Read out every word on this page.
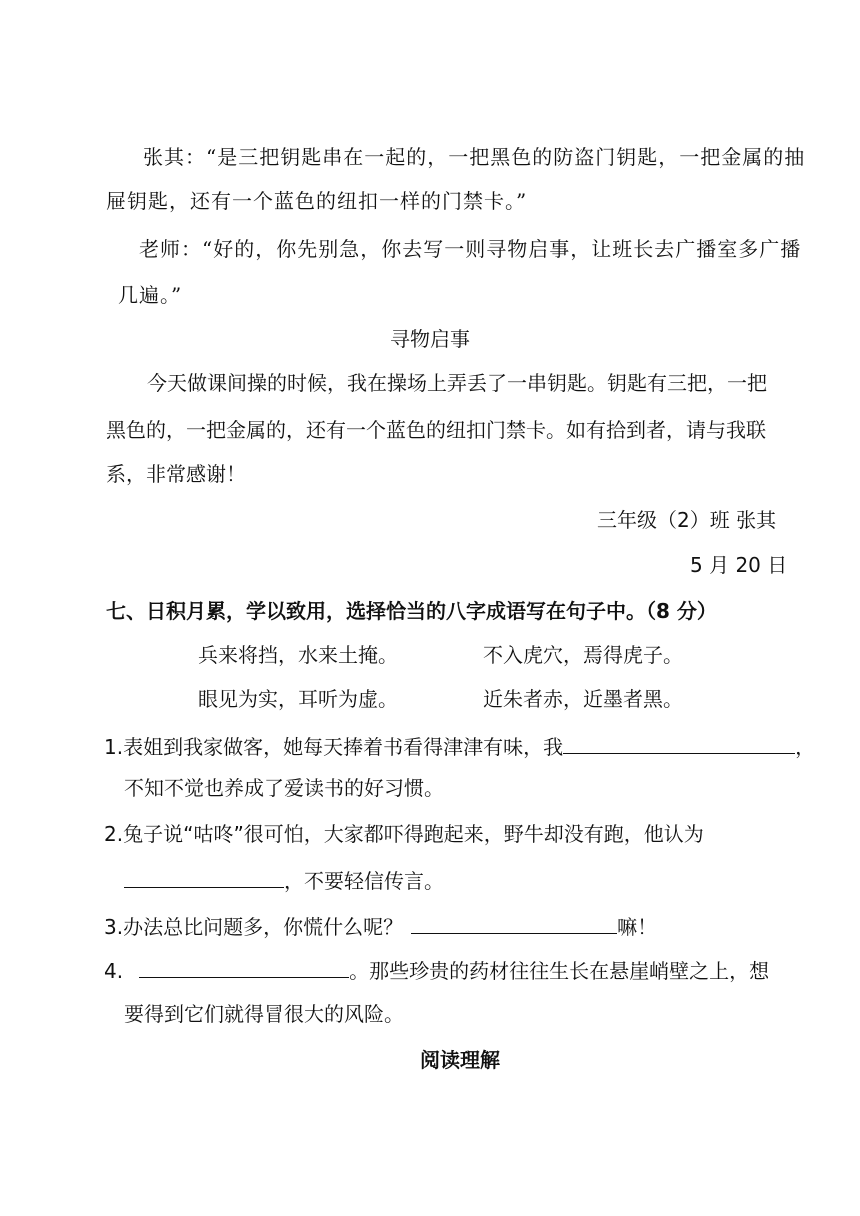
张其：“是三把钥匙串在一起的，一把黑色的防盗门钥匙，一把金属的抽
屉钥匙，还有一个蓝色的纽扣一样的门禁卡。”
老师：“好的，你先别急，你去写一则寻物启事，让班长去广播室多广播
几遍。”
寻物启事
今天做课间操的时候，我在操场上弄丢了一串钥匙。钥匙有三把，一把
黑色的，一把金属的，还有一个蓝色的纽扣门禁卡。如有拾到者，请与我联
系，非常感谢！
三年级（2）班 张其
5 月 20 日
七、日积月累，学以致用，选择恰当的八字成语写在句子中。（8 分）
兵来将挡，水来土掩。	不入虎穴，焉得虎子。
眼见为实，耳听为虚。	近朱者赤，近墨者黑。
1.表姐到我家做客，她每天捧着书看得津津有味，我	，
不知不觉也养成了爱读书的好习惯。
2.兔子说“咕咚”很可怕，大家都吓得跑起来，野牛却没有跑，他认为
，不要轻信传言。
3.办法总比问题多，你慌什么呢？	嘛！
4.	。那些珍贵的药材往往生长在悬崖峭壁之上，想
要得到它们就得冒很大的风险。
阅读理解
